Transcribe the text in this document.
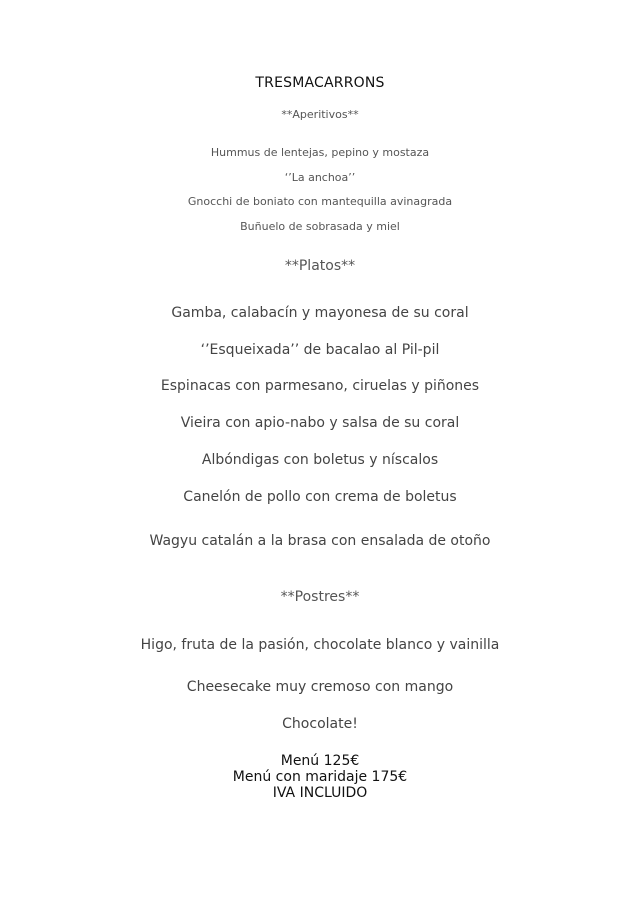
TRESMACARRONS
**Aperitivos**
Hummus de lentejas, pepino y mostaza
‘’La anchoa’’
Gnocchi de boniato con mantequilla avinagrada
Buñuelo de sobrasada y miel
**Platos**
Gamba, calabacín y mayonesa de su coral
‘’Esqueixada’’ de bacalao al Pil-pil
Espinacas con parmesano, ciruelas y piñones
Vieira con apio-nabo y salsa de su coral
Albóndigas con boletus y níscalos
Canelón de pollo con crema de boletus
Wagyu catalán a la brasa con ensalada de otoño
**Postres**
Higo, fruta de la pasión, chocolate blanco y vainilla
Cheesecake muy cremoso con mango
Chocolate!
Menú 125€
Menú con maridaje 175€
IVA INCLUIDO
